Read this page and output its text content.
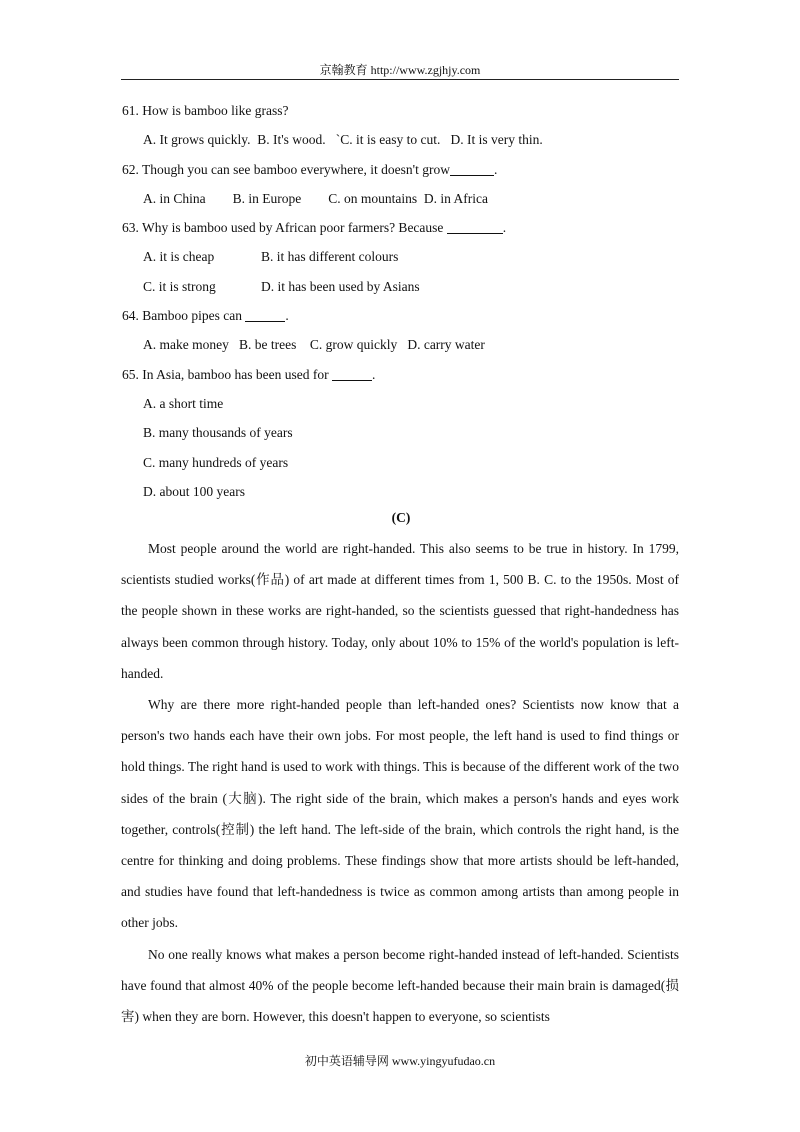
京翰教育 http://www.zgjhjy.com
61. How is bamboo like grass?
A. It grows quickly.  B. It's wood.   `C. it is easy to cut.   D. It is very thin.
62. Though you can see bamboo everywhere, it doesn't grow	.
A. in China        B. in Europe        C. on mountains  D. in Africa
63. Why is bamboo used by African poor farmers? Because	.
A. it is cheap	B. it has different colours
C. it is strong	D. it has been used by Asians
64. Bamboo pipes can	.
A. make money   B. be trees    C. grow quickly   D. carry water
65. In Asia, bamboo has been used for	.
A. a short time
B. many thousands of years
C. many hundreds of years
D. about 100 years
(C)

Most people around the world are right-handed. This also seems to be true in history. In 1799, scientists studied works(作品) of art made at different times from 1, 500 B. C. to the 1950s. Most of the people shown in these works are right-handed, so the scientists guessed that right-handedness has always been common through history. Today, only about 10% to 15% of the world's population is left-handed.

Why are there more right-handed people than left-handed ones? Scientists now know that a person's two hands each have their own jobs. For most people, the left hand is used to find things or hold things. The right hand is used to work with things. This is because of the different work of the two sides of the brain (大脑). The right side of the brain, which makes a person's hands and eyes work together, controls(控制) the left hand. The left-side of the brain, which controls the right hand, is the centre for thinking and doing problems. These findings show that more artists should be left-handed, and studies have found that left-handedness is twice as common among artists than among people in other jobs.

No one really knows what makes a person become right-handed instead of left-handed. Scientists have found that almost 40% of the people become left-handed because their main brain is damaged(损害) when they are born. However, this doesn't happen to everyone, so scientists

初中英语辅导网 www.yingyufudao.cn
